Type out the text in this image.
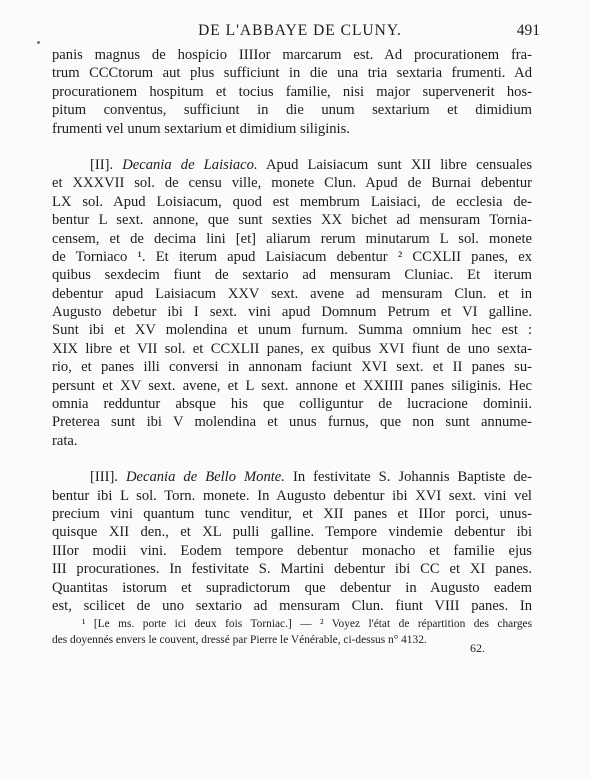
DE L'ABBAYE DE CLUNY.	491
panis magnus de hospicio IIIIor marcarum est. Ad procurationem fra-
trum CCCtorum aut plus sufficiunt in die una tria sextaria frumenti. Ad
procurationem hospitum et tocius familie, nisi major supervenerit hos-
pitum conventus, sufficiunt in die unum sextarium et dimidium
frumenti vel unum sextarium et dimidium siliginis.
[II]. Decania de Laisiaco. Apud Laisiacum sunt XII libre censuales
et XXXVII sol. de censu ville, monete Clun. Apud de Burnai debentur
LX sol. Apud Loisiacum, quod est membrum Laisiaci, de ecclesia de-
bentur L sext. annone, que sunt sexties XX bichet ad mensuram Tornia-
censem, et de decima lini [et] aliarum rerum minutarum L sol. monete
de Torniaco ¹. Et iterum apud Laisiacum debentur ² CCXLII panes, ex
quibus sexdecim fiunt de sextario ad mensuram Cluniac. Et iterum
debentur apud Laisiacum XXV sext. avene ad mensuram Clun. et in
Augusto debetur ibi I sext. vini apud Domnum Petrum et VI galline.
Sunt ibi et XV molendina et unum furnum. Summa omnium hec est :
XIX libre et VII sol. et CCXLII panes, ex quibus XVI fiunt de uno sexta-
rio, et panes illi conversi in annonam faciunt XVI sext. et II panes su-
persunt et XV sext. avene, et L sext. annone et XXIIII panes siliginis. Hec
omnia redduntur absque his que colliguntur de lucracione dominii.
Preterea sunt ibi V molendina et unus furnus, que non sunt annume-
rata.
[III]. Decania de Bello Monte. In festivitate S. Johannis Baptiste de-
bentur ibi L sol. Torn. monete. In Augusto debentur ibi XVI sext. vini vel
precium vini quantum tunc venditur, et XII panes et IIIor porci, unus-
quisque XII den., et XL pulli galline. Tempore vindemie debentur ibi
IIIor modii vini. Eodem tempore debentur monacho et familie ejus
III procurationes. In festivitate S. Martini debentur ibi CC et XI panes.
Quantitas istorum et supradictorum que debentur in Augusto eadem
est, scilicet de uno sextario ad mensuram Clun. fiunt VIII panes. In
¹ [Le ms. porte ici deux fois Torniac.] — ² Voyez l'état de répartition des charges
des doyennés envers le couvent, dressé par Pierre le Vénérable, ci-dessus n° 4132.
62.
